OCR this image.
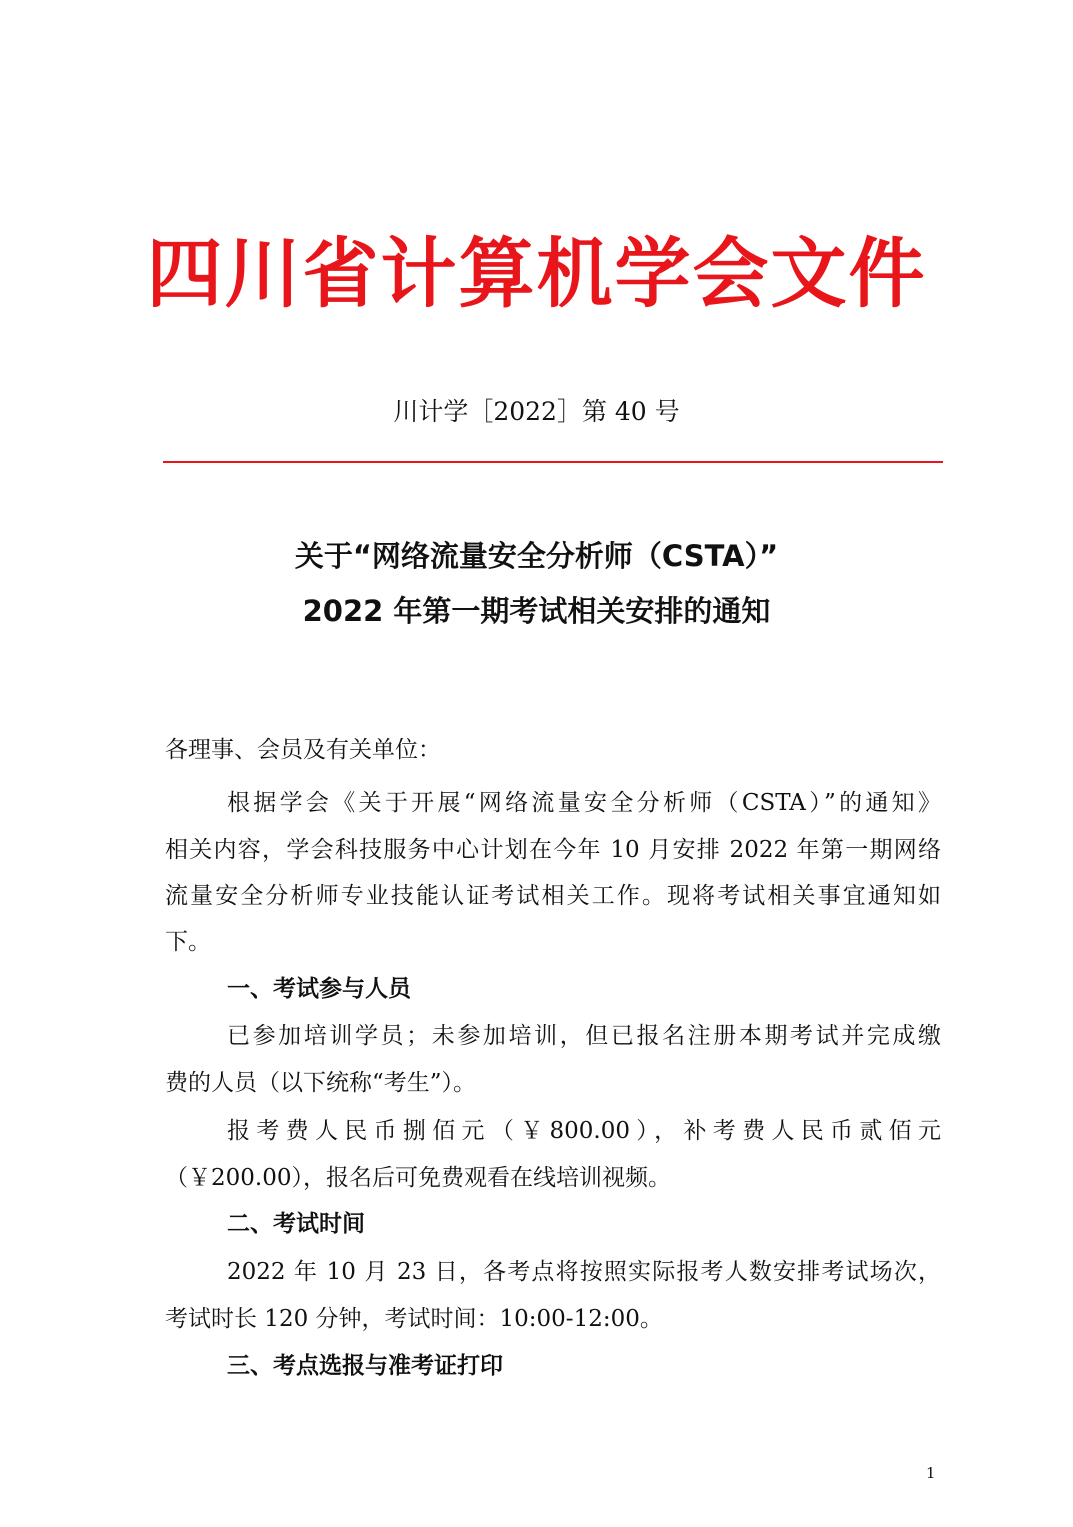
四川省计算机学会文件
川计学［2022］第 40 号
关于“网络流量安全分析师（CSTA）”
2022 年第一期考试相关安排的通知
各理事、会员及有关单位：
根据学会《关于开展“网络流量安全分析师（CSTA）”的通知》
相关内容，学会科技服务中心计划在今年 10 月安排 2022 年第一期网络
流量安全分析师专业技能认证考试相关工作。现将考试相关事宜通知如
下。
一、考试参与人员
已参加培训学员；未参加培训，但已报名注册本期考试并完成缴
费的人员（以下统称“考生”）。
报考费人民币捌佰元（￥800.00），补考费人民币贰佰元
（￥200.00），报名后可免费观看在线培训视频。
二、考试时间
2022 年 10 月 23 日，各考点将按照实际报考人数安排考试场次，
考试时长 120 分钟，考试时间：10:00-12:00。
三、考点选报与准考证打印
1
